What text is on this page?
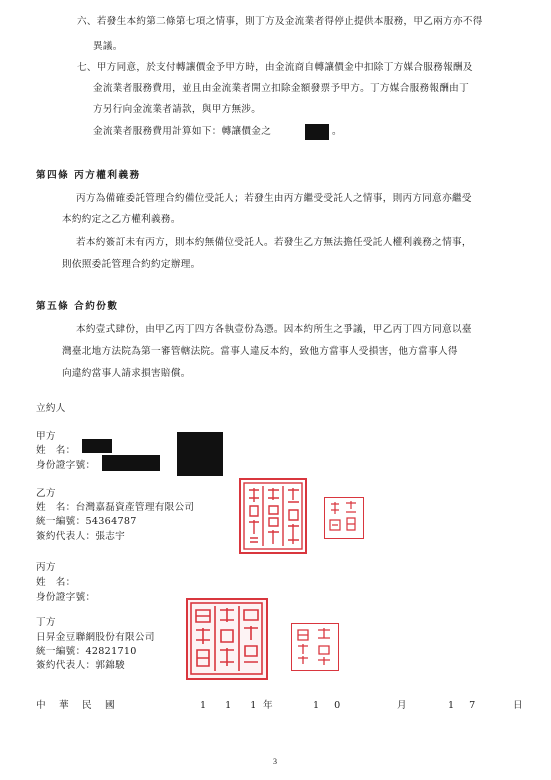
六、若發生本約第二條第七項之情事，則丁方及金流業者得停止提供本服務，甲乙兩方亦不得
異議。
七、甲方同意，於支付轉讓價金予甲方時，由金流商自轉讓價金中扣除丁方媒合服務報酬及
金流業者服務費用，並且由金流業者開立扣除金額發票予甲方。丁方媒合服務報酬由丁
方另行向金流業者請款，與甲方無涉。
金流業者服務費用計算如下：轉讓價金之	。
第四條 丙方權利義務
丙方為備確委託管理合約備位受託人；若發生由丙方繼受受託人之情事，則丙方同意亦繼受
本約約定之乙方權利義務。
若本約簽訂未有丙方，則本約無備位受託人。若發生乙方無法擔任受託人權利義務之情事，
則依照委託管理合約約定辦理。
第五條 合約份數
本約壹式肆份，由甲乙丙丁四方各執壹份為憑。因本約所生之爭議，甲乙丙丁四方同意以臺
灣臺北地方法院為第一審管轄法院。當事人違反本約，致他方當事人受損害，他方當事人得
向違約當事人請求損害賠償。
立約人
甲方
姓　名：
身份證字號：
乙方
姓　名：台灣嘉磊資產管理有限公司
統一編號：54364787
簽約代表人：張志宇
丙方
姓　名：
身份證字號：
丁方
日昇金豆聯網股份有限公司
統一編號：42821710
簽約代表人：郭錦駿
中 華 民 國	1 1 1
年	1 0	月	1 7	日
3
